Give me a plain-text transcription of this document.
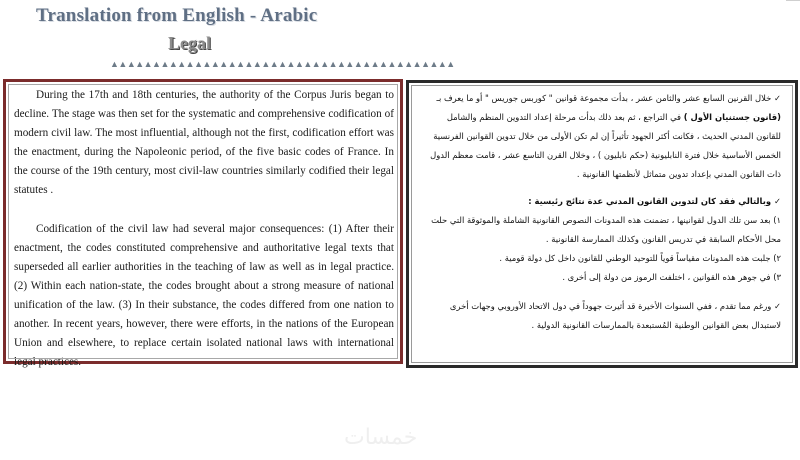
Translation from English - Arabic
Legal
▲▲▲▲▲▲▲▲▲▲▲▲▲▲▲▲▲▲▲▲▲▲▲▲▲▲▲▲▲▲▲▲▲▲▲▲▲▲▲▲▲

During the 17th and 18th centuries, the authority of the Corpus Juris began to decline. The stage was then set for the systematic and comprehensive codification of modern civil law. The most influential, although not the first, codification effort was the enactment, during the Napoleonic period, of the five basic codes of France. In the course of the 19th century, most civil-law countries similarly codified their legal statutes .

Codification of the civil law had several major consequences: (1) After their enactment, the codes constituted comprehensive and authoritative legal texts that superseded all earlier authorities in the teaching of law as well as in legal practice. (2) Within each nation-state, the codes brought about a strong measure of national unification of the law. (3) In their substance, the codes differed from one nation to another. In recent years, however, there were efforts, in the nations of the European Union and elsewhere, to replace certain isolated national laws with international legal practices.

✓ خلال القرنين السابع عشر والثامن عشر ، بدأت مجموعة قوانين " كوربس جوريس " أو ما يعرف بـ (قانون جستنيان الأول ) في التراجع ، ثم بعد ذلك بدأت مرحلة إعداد التدوين المنظم والشامل للقانون المدني الحديث ، فكانت أكثر الجهود تأثيراً إن لم تكن الأولى من خلال تدوين القوانين الفرنسية الخمس الأساسية خلال فترة النابليونية (حكم نابليون ) ، وخلال القرن التاسع عشر ، قامت معظم الدول ذات القانون المدني بإعداد تدوين متماثل لأنظمتها القانونية .

✓ وبالتالي فقد كان لتدوين القانون المدني عدة نتائج رئيسية :

١) بعد سن تلك الدول لقوانينها ، تضمنت هذه المدونات النصوص القانونية الشاملة والموثوقة التي حلت محل الأحكام السابقة في تدريس القانون وكذلك الممارسة القانونية .
٢) جلبت هذه المدونات مقياساً قوياً للتوحيد الوطني للقانون داخل كل دولة قومية .
٣) في جوهر هذه القوانين ، اختلفت الرموز من دولة إلى أخرى .

✓ ورغم مما تقدم ، ففي السنوات الأخيرة قد أثيرت جهوداً في دول الاتحاد الأوروبي وجهات أخرى لاستبدال بعض القوانين الوطنية المُستبعدة بالممارسات القانونية الدولية .

خمسات
